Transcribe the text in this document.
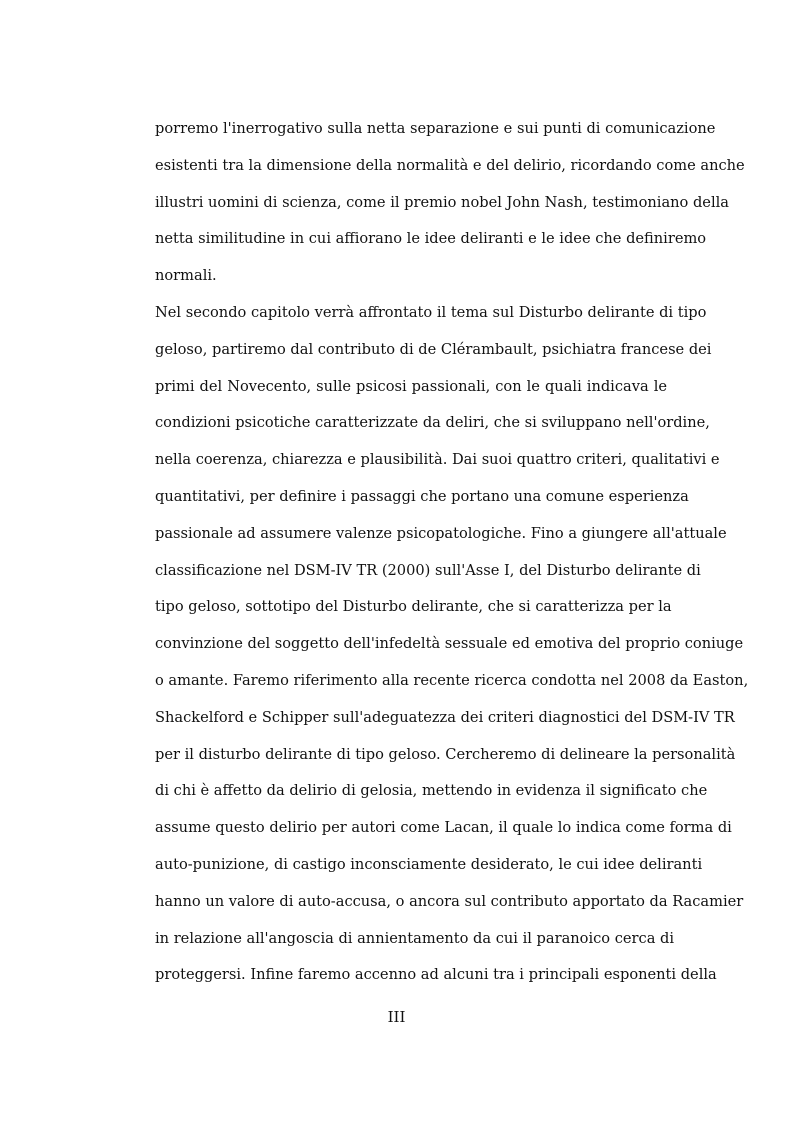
porremo l'inerrogativo sulla netta separazione e sui punti di comunicazione
esistenti tra la dimensione della normalità e del delirio, ricordando come anche
illustri uomini di scienza, come il premio nobel John Nash, testimoniano della
netta similitudine in cui affiorano le idee deliranti e le idee che definiremo
normali.
Nel secondo capitolo verrà affrontato il tema sul Disturbo delirante di tipo
geloso, partiremo dal contributo di de Clérambault, psichiatra francese dei
primi del Novecento, sulle psicosi passionali, con le quali indicava le
condizioni psicotiche caratterizzate da deliri, che si sviluppano nell'ordine,
nella coerenza, chiarezza e plausibilità. Dai suoi quattro criteri, qualitativi e
quantitativi, per definire i passaggi che portano una comune esperienza
passionale ad assumere valenze psicopatologiche. Fino a giungere all'attuale
classificazione nel DSM-IV TR (2000) sull'Asse I, del Disturbo delirante di
tipo geloso, sottotipo del Disturbo delirante, che si caratterizza per la
convinzione del soggetto dell'infedeltà sessuale ed emotiva del proprio coniuge
o amante. Faremo riferimento alla recente ricerca condotta nel 2008 da Easton,
Shackelford e Schipper sull'adeguatezza dei criteri diagnostici del DSM-IV TR
per il disturbo delirante di tipo geloso. Cercheremo di delineare la personalità
di chi è affetto da delirio di gelosia, mettendo in evidenza il significato che
assume questo delirio per autori come Lacan, il quale lo indica come forma di
auto-punizione, di castigo inconsciamente desiderato, le cui idee deliranti
hanno un valore di auto-accusa, o ancora sul contributo apportato da Racamier
in relazione all'angoscia di annientamento da cui il paranoico cerca di
proteggersi. Infine faremo accenno ad alcuni tra i principali esponenti della
III
